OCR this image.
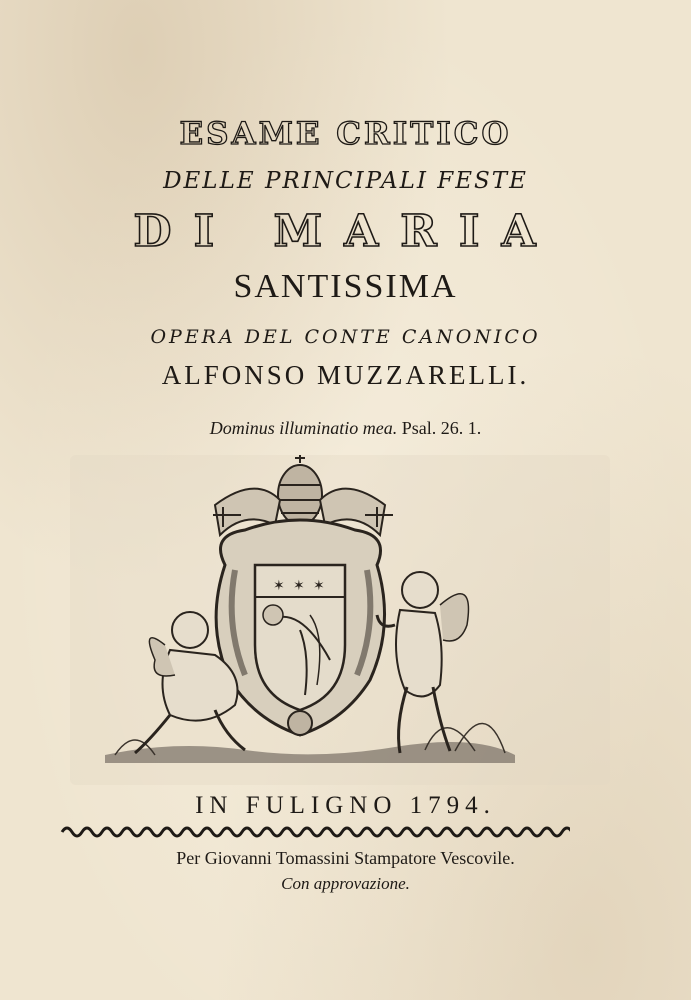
ESAME CRITICO
DELLE PRINCIPALI FESTE
DI MARIA
SANTISSIMA
OPERA DEL CONTE CANONICO
ALFONSO MUZZARELLI.
Dominus illuminatio mea. Psal. 26. 1.
✶ ✶ ✶
IN FULIGNO 1794.
Per Giovanni Tomassini Stampatore Vescovile.
Con approvazione.
